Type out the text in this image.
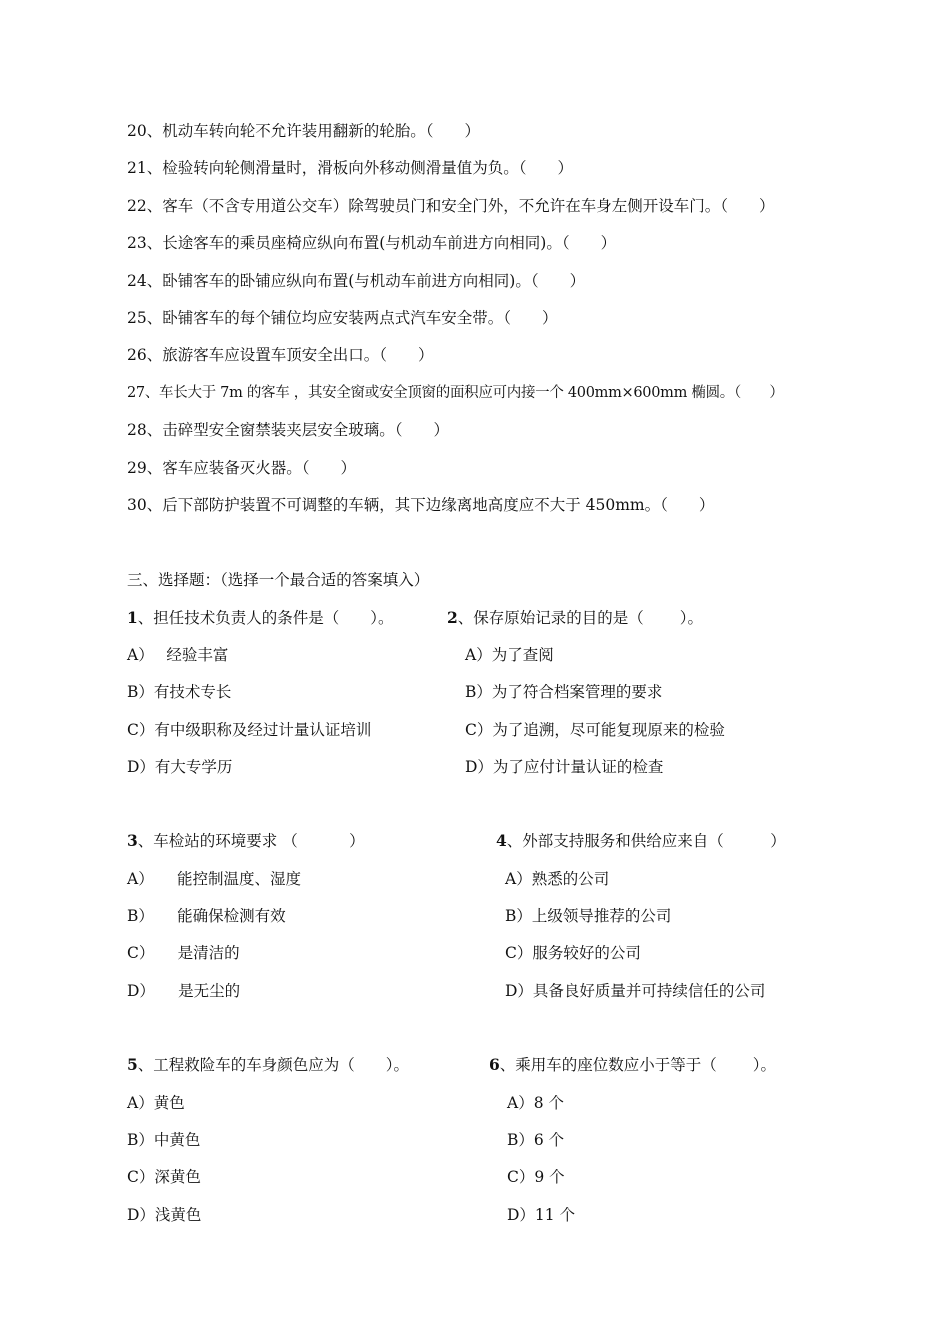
20、机动车转向轮不允许装用翻新的轮胎。（　　）
21、检验转向轮侧滑量时，滑板向外移动侧滑量值为负。（　　）
22、客车（不含专用道公交车）除驾驶员门和安全门外，不允许在车身左侧开设车门。（　　）
23、长途客车的乘员座椅应纵向布置(与机动车前进方向相同)。（　　）
24、卧铺客车的卧铺应纵向布置(与机动车前进方向相同)。（　　）
25、卧铺客车的每个铺位均应安装两点式汽车安全带。（　　）
26、旅游客车应设置车顶安全出口。（　　）
27、车长大于 7m 的客车 ，其安全窗或安全顶窗的面积应可内接一个 400mm×600mm 椭圆。（　　）
28、击碎型安全窗禁装夹层安全玻璃。（　　）
29、客车应装备灭火器。（　　）
30、后下部防护装置不可调整的车辆，其下边缘离地高度应不大于 450mm。（　　）
三、选择题：（选择一个最合适的答案填入）
1、担任技术负责人的条件是（　　）。
A）　 经验丰富
B）有技术专长
C）有中级职称及经过计量认证培训
D）有大专学历
2、保存原始记录的目的是（　　 ）。
A）为了查阅
B）为了符合档案管理的要求
C）为了追溯，尽可能复现原来的检验
D）为了应付计量认证的检查
3、车检站的环境要求 （　　　 ）
A）　　能控制温度、湿度
B）　　能确保检测有效
C）　　是清洁的
D）　　是无尘的
4、外部支持服务和供给应来自（　　　）
A）熟悉的公司
B）上级领导推荐的公司
C）服务较好的公司
D）具备良好质量并可持续信任的公司
5、工程救险车的车身颜色应为（　　）。
A）黄色
B）中黄色
C）深黄色
D）浅黄色
6、乘用车的座位数应小于等于（　　 ）。
A）8 个
B）6 个
C）9 个
D）11 个
